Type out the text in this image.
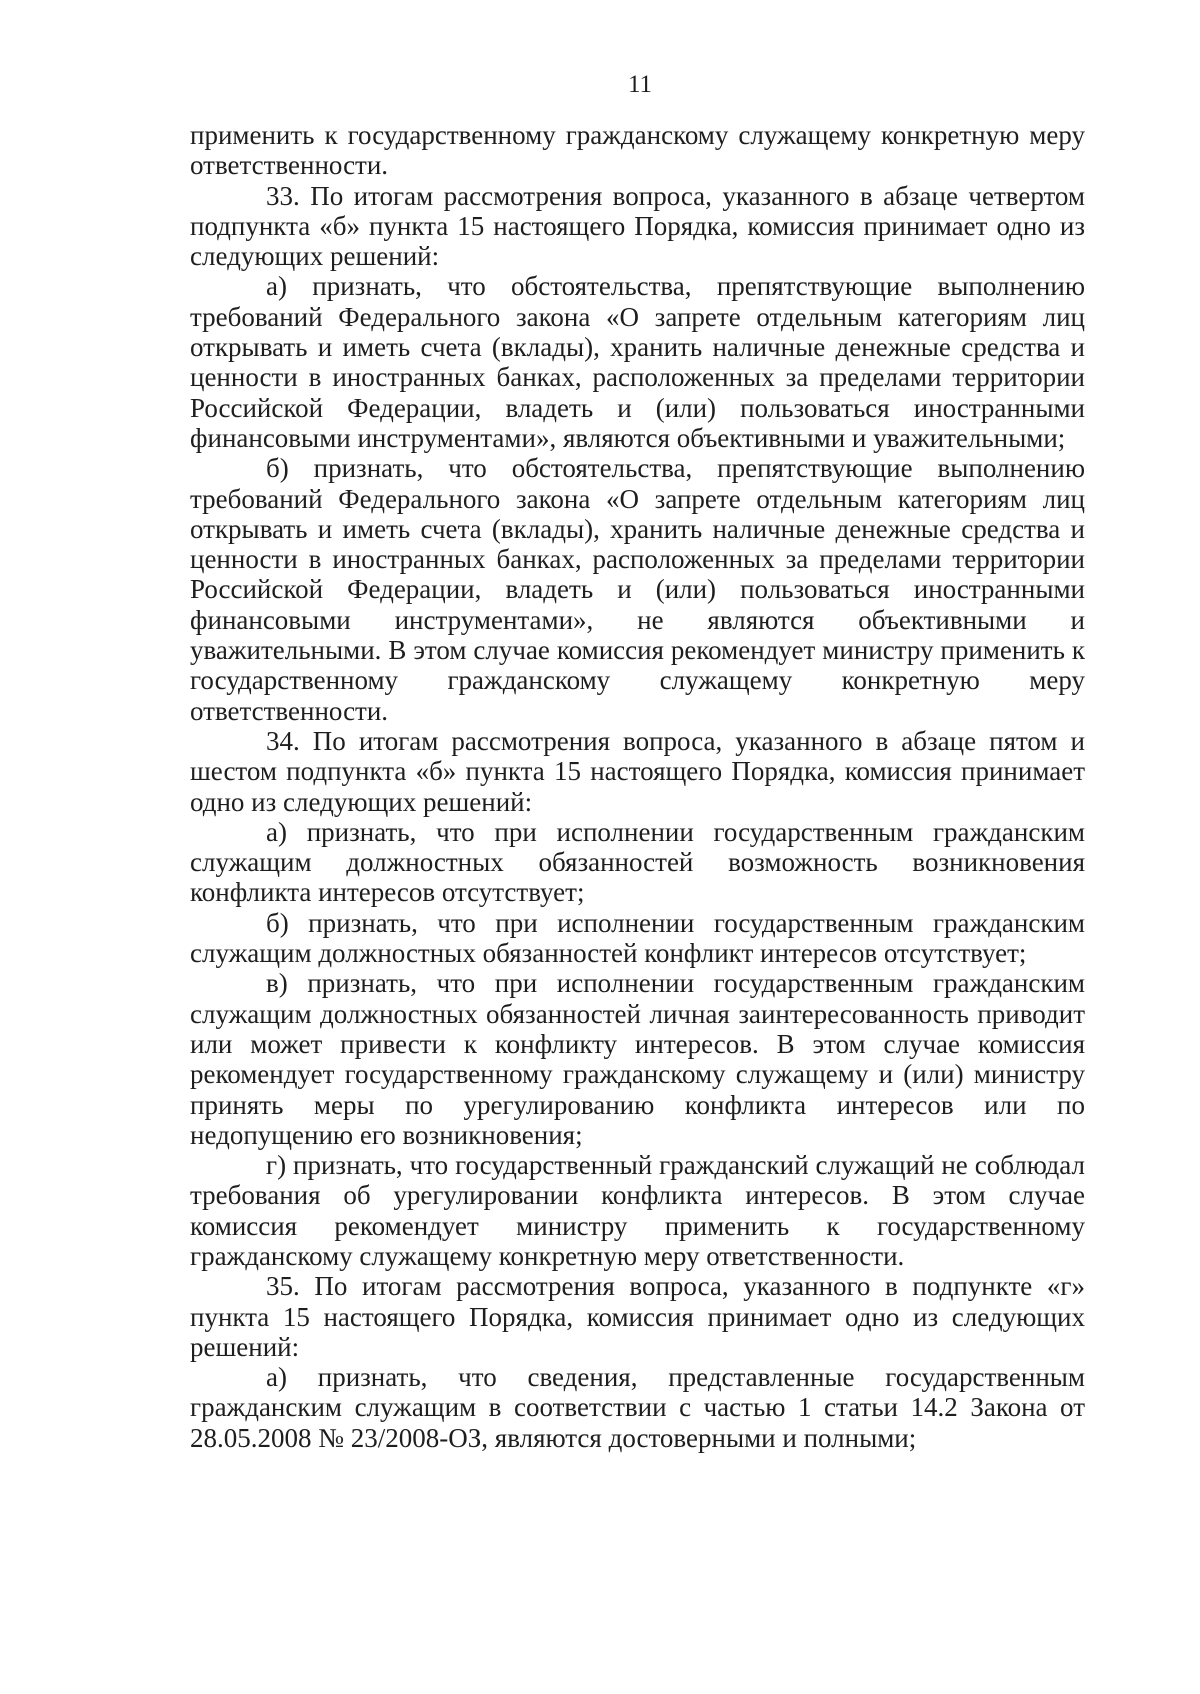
11

применить к государственному гражданскому служащему конкретную меру ответственности.

33. По итогам рассмотрения вопроса, указанного в абзаце четвертом подпункта «б» пункта 15 настоящего Порядка, комиссия принимает одно из следующих решений:

а) признать, что обстоятельства, препятствующие выполнению требований Федерального закона «О запрете отдельным категориям лиц открывать и иметь счета (вклады), хранить наличные денежные средства и ценности в иностранных банках, расположенных за пределами территории Российской Федерации, владеть и (или) пользоваться иностранными финансовыми инструментами», являются объективными и уважительными;

б) признать, что обстоятельства, препятствующие выполнению требований Федерального закона «О запрете отдельным категориям лиц открывать и иметь счета (вклады), хранить наличные денежные средства и ценности в иностранных банках, расположенных за пределами территории Российской Федерации, владеть и (или) пользоваться иностранными финансовыми инструментами», не являются объективными и уважительными. В этом случае комиссия рекомендует министру применить к государственному гражданскому служащему конкретную меру ответственности.

34. По итогам рассмотрения вопроса, указанного в абзаце пятом и шестом подпункта «б» пункта 15 настоящего Порядка, комиссия принимает одно из следующих решений:

а) признать, что при исполнении государственным гражданским служащим должностных обязанностей возможность возникновения конфликта интересов отсутствует;

б) признать, что при исполнении государственным гражданским служащим должностных обязанностей конфликт интересов отсутствует;

в) признать, что при исполнении государственным гражданским служащим должностных обязанностей личная заинтересованность приводит или может привести к конфликту интересов. В этом случае комиссия рекомендует государственному гражданскому служащему и (или) министру принять меры по урегулированию конфликта интересов или по недопущению его возникновения;

г) признать, что государственный гражданский служащий не соблюдал требования об урегулировании конфликта интересов. В этом случае комиссия рекомендует министру применить к государственному гражданскому служащему конкретную меру ответственности.

35. По итогам рассмотрения вопроса, указанного в подпункте «г» пункта 15 настоящего Порядка, комиссия принимает одно из следующих решений:

а) признать, что сведения, представленные государственным гражданским служащим в соответствии с частью 1 статьи 14.2 Закона от 28.05.2008 № 23/2008-ОЗ, являются достоверными и полными;
